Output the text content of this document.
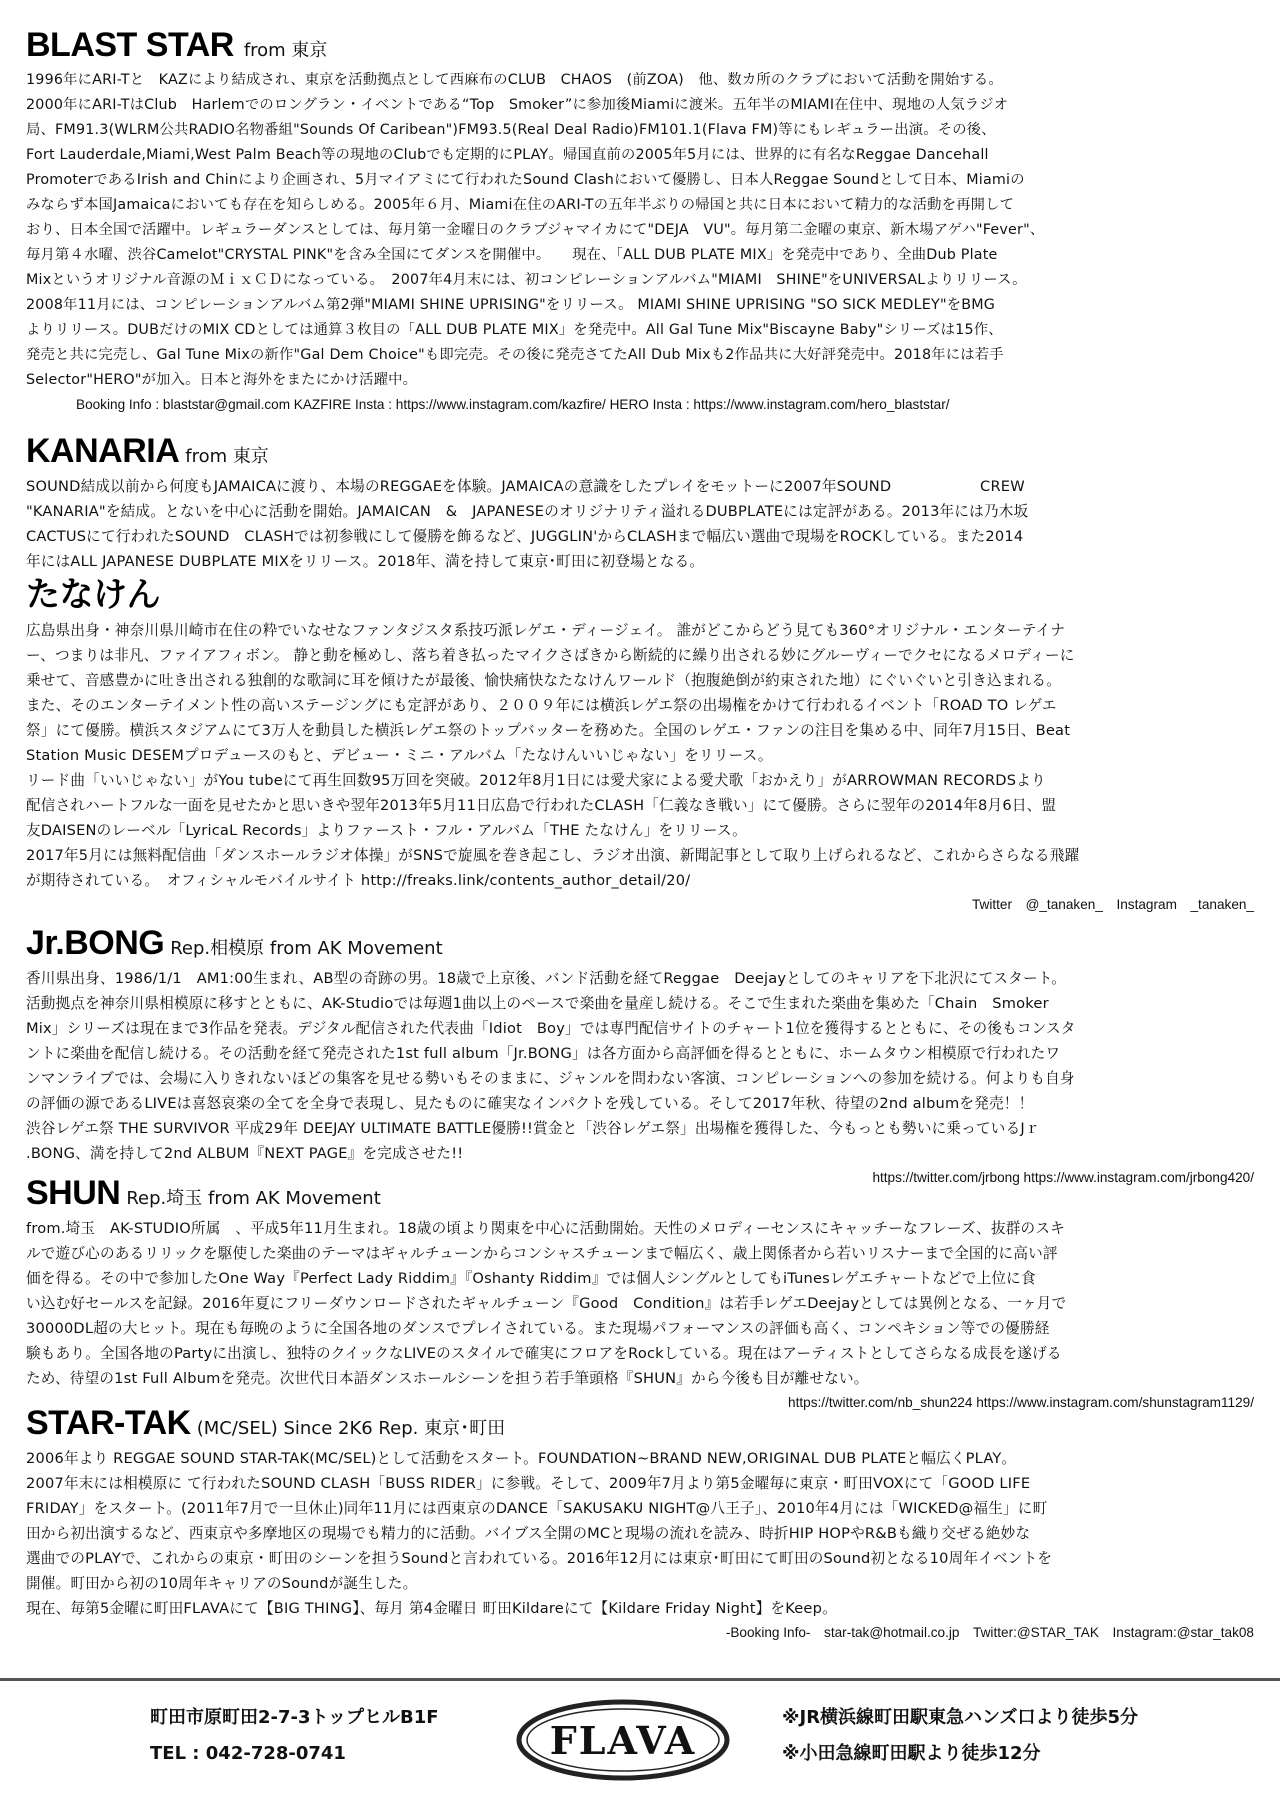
BLAST STAR from 東京

1996年にARI-Tと　KAZにより結成され、東京を活動拠点として西麻布のCLUB　CHAOS　(前ZOA)　他、数カ所のクラブにおいて活動を開始する。
2000年にARI-TはClub　Harlemでのロングラン・イベントである“Top　Smoker”に参加後Miamiに渡米。五年半のMIAMI在住中、現地の人気ラジオ
局、FM91.3(WLRM公共RADIO名物番組"Sounds Of Caribean")FM93.5(Real Deal Radio)FM101.1(Flava FM)等にもレギュラー出演。その後、
Fort Lauderdale,Miami,West Palm Beach等の現地のClubでも定期的にPLAY。帰国直前の2005年5月には、世界的に有名なReggae Dancehall
PromoterであるIrish and Chinにより企画され、5月マイアミにて行われたSound Clashにおいて優勝し、日本人Reggae Soundとして日本、Miamiの
みならず本国Jamaicaにおいても存在を知らしめる。2005年６月、Miami在住のARI-Tの五年半ぶりの帰国と共に日本において精力的な活動を再開して
おり、日本全国で活躍中。レギュラーダンスとしては、毎月第一金曜日のクラブジャマイカにて"DEJA　VU"。毎月第二金曜の東京、新木場アゲハ"Fever"、
毎月第４水曜、渋谷Camelot"CRYSTAL PINK"を含み全国にてダンスを開催中。　　現在、「ALL DUB PLATE MIX」を発売中であり、全曲Dub Plate
Mixというオリジナル音源のＭｉｘＣＤになっている。　2007年4月末には、初コンピレーションアルバム"MIAMI　SHINE"をUNIVERSALよりリリース。
2008年11月には、コンピレーションアルバム第2弾"MIAMI SHINE UPRISING"をリリース。 MIAMI SHINE UPRISING "SO SICK MEDLEY"をBMG
よりリリース。DUBだけのMIX CDとしては通算３枚目の「ALL DUB PLATE MIX」を発売中。All Gal Tune Mix"Biscayne Baby"シリーズは15作、
発売と共に完売し、Gal Tune Mixの新作"Gal Dem Choice"も即完売。その後に発売さてたAll Dub Mixも2作品共に大好評発売中。2018年には若手
Selector"HERO"が加入。日本と海外をまたにかけ活躍中。

Booking Info : blaststar@gmail.com KAZFIRE Insta : https://www.instagram.com/kazfire/ HERO Insta : https://www.instagram.com/hero_blaststar/
KANARIA from 東京

SOUND結成以前から何度もJAMAICAに渡り、本場のREGGAEを体験。JAMAICAの意識をしたプレイをモットーに2007年SOUND　　　　　　CREW
"KANARIA"を結成。とないを中心に活動を開始。JAMAICAN　&　JAPANESEのオリジナリティ溢れるDUBPLATEには定評がある。2013年には乃木坂
CACTUSにて行われたSOUND　CLASHでは初参戦にして優勝を飾るなど、JUGGLIN'からCLASHまで幅広い選曲で現場をROCKしている。また2014
年にはALL JAPANESE DUBPLATE MIXをリリース。2018年、満を持して東京･町田に初登場となる。

たなけん

広島県出身・神奈川県川崎市在住の粋でいなせなファンタジスタ系技巧派レゲエ・ディージェイ。 誰がどこからどう見ても360°オリジナル・エンターテイナ
ー、つまりは非凡、ファイアフィボン。 静と動を極めし、落ち着き払ったマイクさばきから断続的に繰り出される妙にグルーヴィーでクセになるメロディーに
乗せて、音感豊かに吐き出される独創的な歌詞に耳を傾けたが最後、愉快痛快なたなけんワールド（抱腹絶倒が約束された地）にぐいぐいと引き込まれる。
また、そのエンターテイメント性の高いステージングにも定評があり、２００９年には横浜レゲエ祭の出場権をかけて行われるイベント「ROAD TO レゲエ
祭」にて優勝。横浜スタジアムにて3万人を動員した横浜レゲエ祭のトップバッターを務めた。全国のレゲエ・ファンの注目を集める中、同年7月15日、Beat
Station Music DESEMプロデュースのもと、デビュー・ミニ・アルバム「たなけんいいじゃない」をリリース。
リード曲「いいじゃない」がYou tubeにて再生回数95万回を突破。2012年8月1日には愛犬家による愛犬歌「おかえり」がARROWMAN RECORDSより
配信されハートフルな一面を見せたかと思いきや翌年2013年5月11日広島で行われたCLASH「仁義なき戦い」にて優勝。さらに翌年の2014年8月6日、盟
友DAISENのレーベル「LyricaL Records」よりファースト・フル・アルバム「THE たなけん」をリリース。
2017年5月には無料配信曲「ダンスホールラジオ体操」がSNSで旋風を巻き起こし、ラジオ出演、新聞記事として取り上げられるなど、これからさらなる飛躍
が期待されている。　オフィシャルモバイルサイト http://freaks.link/contents_author_detail/20/

Twitter　@_tanaken_　Instagram　_tanaken_
Jr.BONG Rep.相模原 from AK Movement

香川県出身、1986/1/1　AM1:00生まれ、AB型の奇跡の男。18歳で上京後、バンド活動を経てReggae　Deejayとしてのキャリアを下北沢にてスタート。
活動拠点を神奈川県相模原に移すとともに、AK-Studioでは毎週1曲以上のペースで楽曲を量産し続ける。そこで生まれた楽曲を集めた「Chain　Smoker
Mix」シリーズは現在まで3作品を発表。デジタル配信された代表曲「Idiot　Boy」では専門配信サイトのチャート1位を獲得するとともに、その後もコンスタ
ントに楽曲を配信し続ける。その活動を経て発売された1st full album「Jr.BONG」は各方面から高評価を得るとともに、ホームタウン相模原で行われたワ
ンマンライブでは、会場に入りきれないほどの集客を見せる勢いもそのままに、ジャンルを問わない客演、コンピレーションへの参加を続ける。何よりも自身
の評価の源であるLIVEは喜怒哀楽の全てを全身で表現し、見たものに確実なインパクトを残している。そして2017年秋、待望の2nd albumを発売！！
渋谷レゲエ祭 THE SURVIVOR 平成29年 DEEJAY ULTIMATE BATTLE優勝!!賞金と「渋谷レゲエ祭」出場権を獲得した、今もっとも勢いに乗っているJｒ
.BONG、満を持して2nd ALBUM『NEXT PAGE』を完成させた!!

https://twitter.com/jrbong https://www.instagram.com/jrbong420/
SHUN Rep.埼玉 from AK Movement

from.埼玉　AK-STUDIO所属　、平成5年11月生まれ。18歳の頃より関東を中心に活動開始。天性のメロディーセンスにキャッチーなフレーズ、抜群のスキ
ルで遊び心のあるリリックを駆使した楽曲のテーマはギャルチューンからコンシャスチューンまで幅広く、歳上関係者から若いリスナーまで全国的に高い評
価を得る。その中で参加したOne Way『Perfect Lady Riddim』『Oshanty Riddim』では個人シングルとしてもiTunesレゲエチャートなどで上位に食
い込む好セールスを記録。2016年夏にフリーダウンロードされたギャルチューン『Good　Condition』は若手レゲエDeejayとしては異例となる、一ヶ月で
30000DL超の大ヒット。現在も毎晩のように全国各地のダンスでプレイされている。また現場パフォーマンスの評価も高く、コンペキション等での優勝経
験もあり。全国各地のPartyに出演し、独特のクイックなLIVEのスタイルで確実にフロアをRockしている。現在はアーティストとしてさらなる成長を遂げる
ため、待望の1st Full Albumを発売。次世代日本語ダンスホールシーンを担う若手筆頭格『SHUN』から今後も目が離せない。

https://twitter.com/nb_shun224 https://www.instagram.com/shunstagram1129/
STAR-TAK (MC/SEL) Since 2K6 Rep. 東京･町田

2006年より REGGAE SOUND STAR-TAK(MC/SEL)として活動をスタート。FOUNDATION~BRAND NEW,ORIGINAL DUB PLATEと幅広くPLAY。
2007年末には相模原に て行われたSOUND CLASH「BUSS RIDER」に参戦。そして、2009年7月より第5金曜毎に東京・町田VOXにて「GOOD LIFE
FRIDAY」をスタート。(2011年7月で一旦休止)同年11月には西東京のDANCE「SAKUSAKU NIGHT@八王子」、2010年4月には「WICKED@福生」に町
田から初出演するなど、西東京や多摩地区の現場でも精力的に活動。バイブス全開のMCと現場の流れを読み、時折HIP HOPやR&Bも織り交ぜる絶妙な
選曲でのPLAYで、これからの東京・町田のシーンを担うSoundと言われている。2016年12月には東京･町田にて町田のSound初となる10周年イベントを
開催。町田から初の10周年キャリアのSoundが誕生した。
現在、毎第5金曜に町田FLAVAにて【BIG THING】、毎月 第4金曜日 町田Kildareにて【Kildare Friday Night】をKeep。

-Booking Info-　star-tak@hotmail.co.jp　Twitter:@STAR_TAK　Instagram:@star_tak08
町田市原町田2-7-3トップヒルB1F
TEL : 042-728-0741	FLAVA
※JR横浜線町田駅東急ハンズ口より徒歩5分
※小田急線町田駅より徒歩12分
